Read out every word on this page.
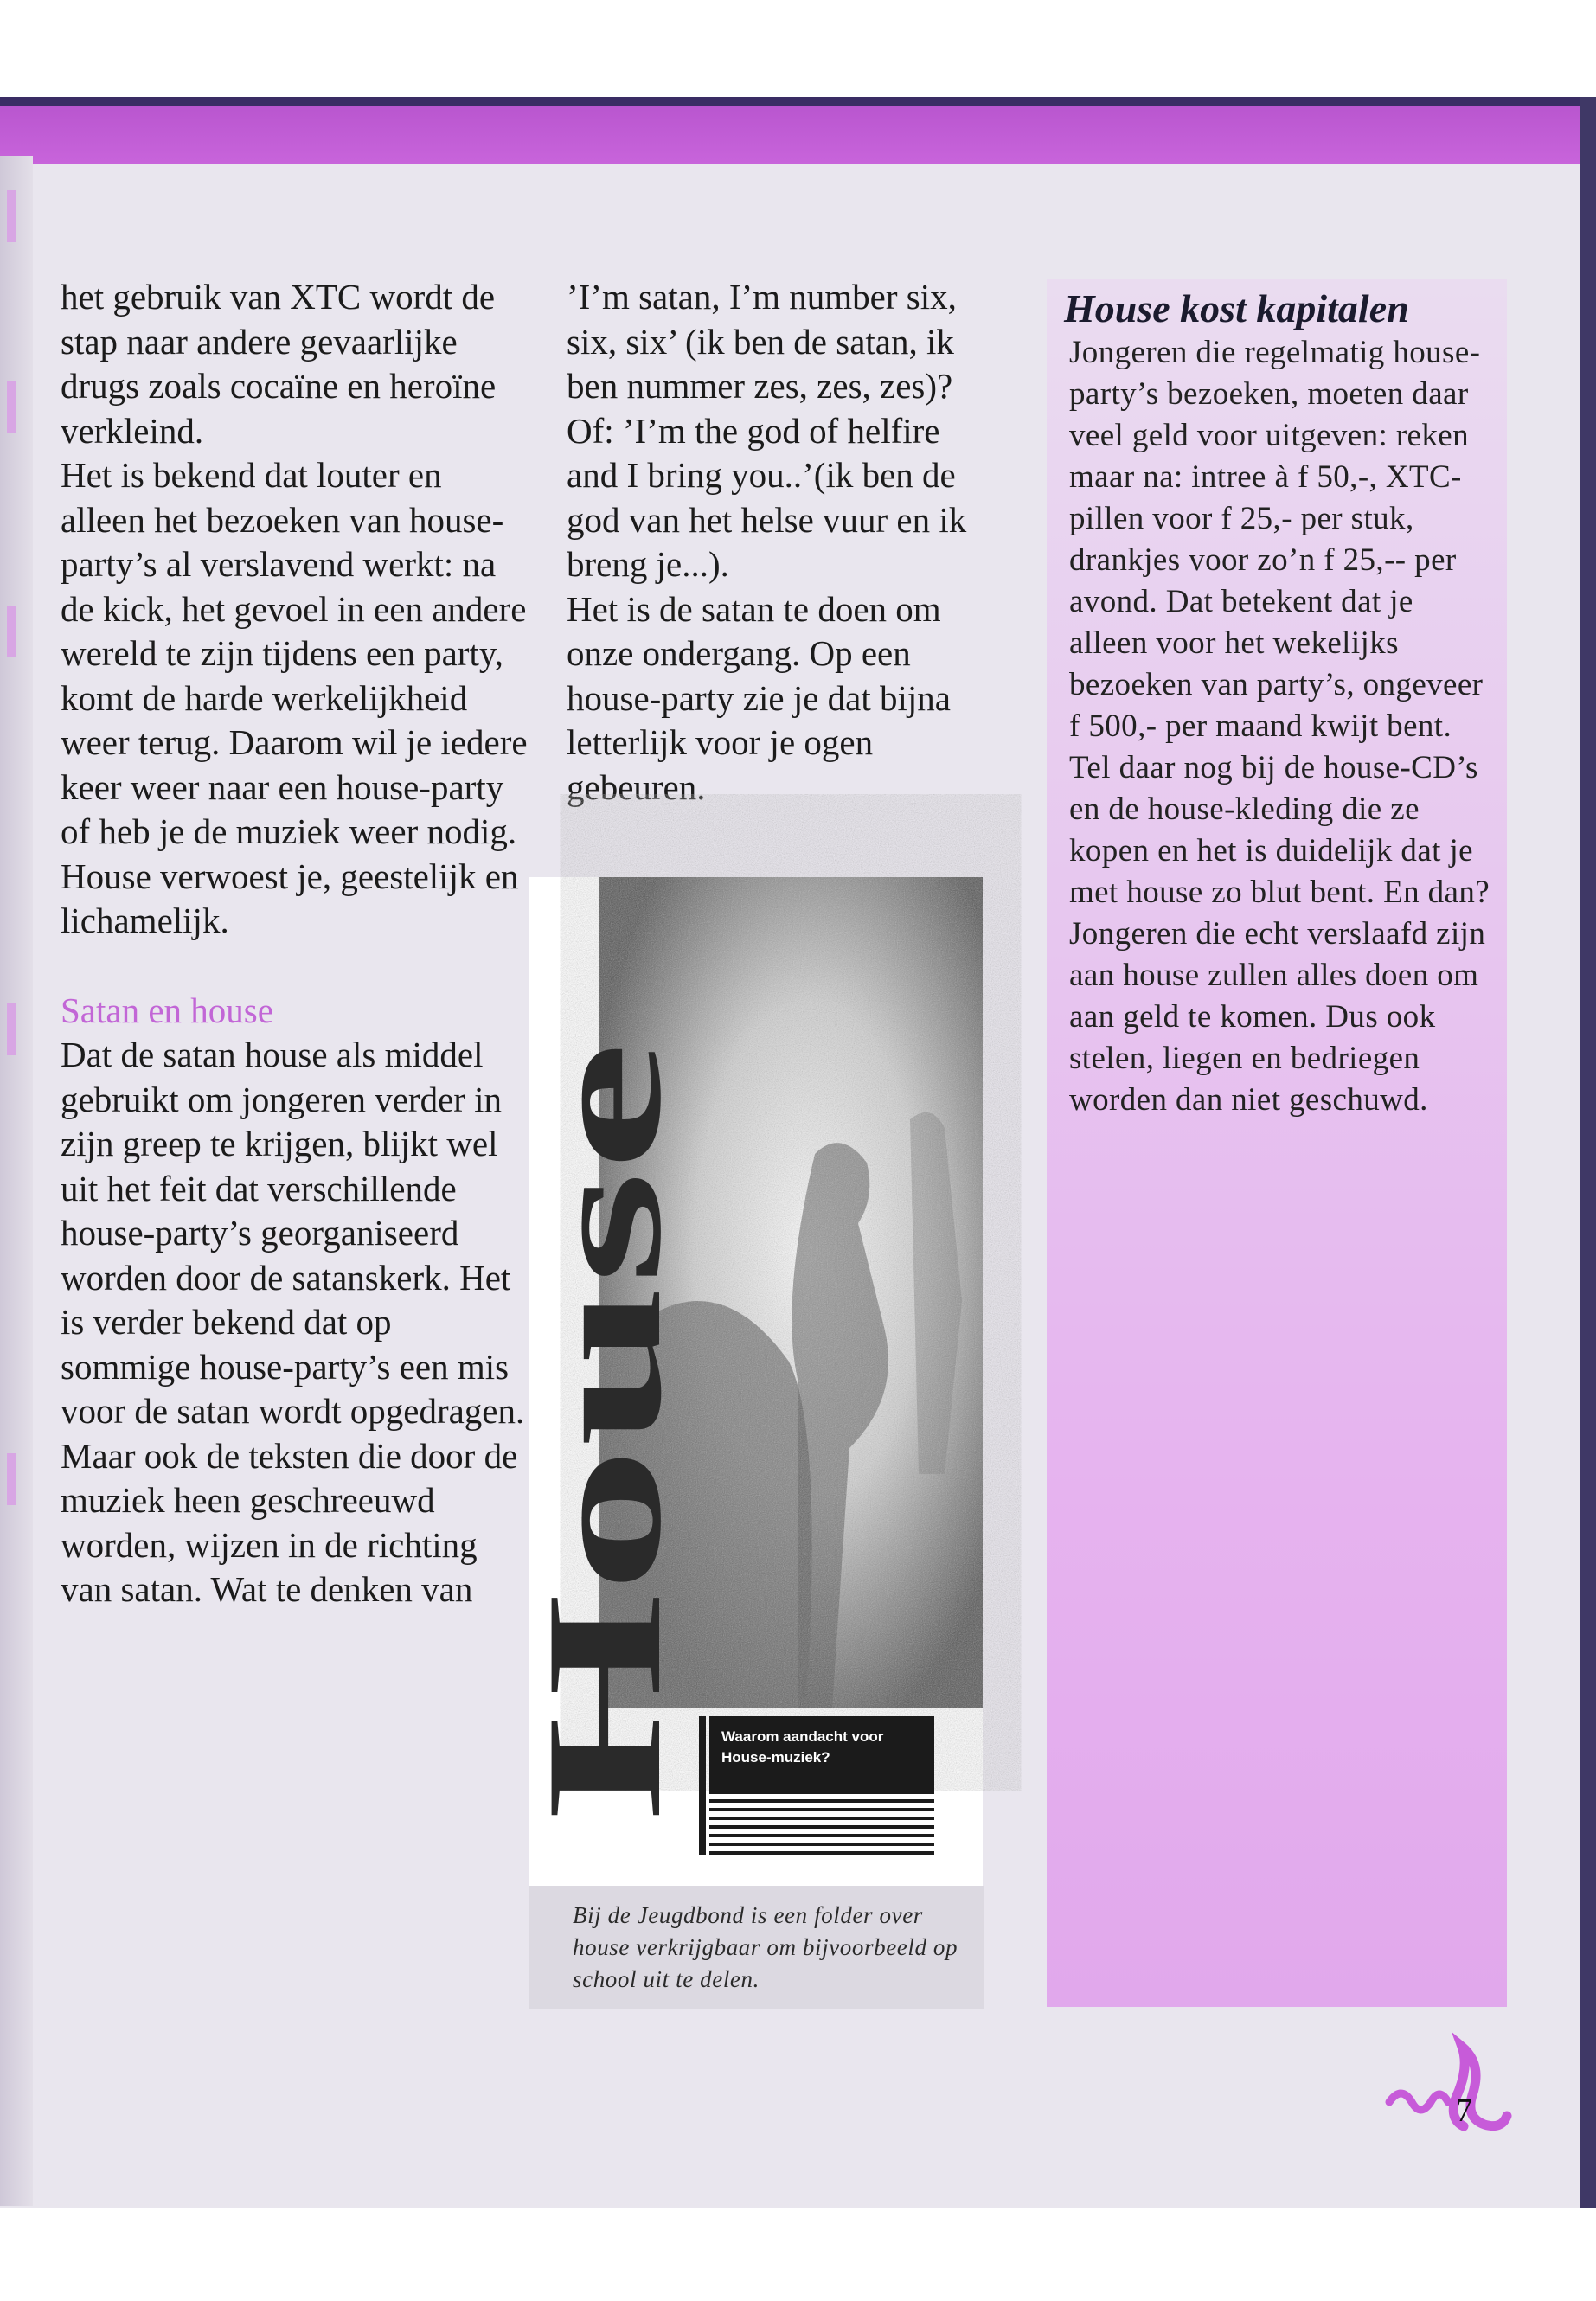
het gebruik van XTC wordt de stap naar andere gevaarlijke drugs zoals cocaïne en heroïne verkleind.

Het is bekend dat louter en alleen het bezoeken van house-party’s al verslavend werkt: na de kick, het gevoel in een andere wereld te zijn tijdens een party, komt de harde werkelijkheid weer terug. Daarom wil je iedere keer weer naar een house-party of heb je de muziek weer nodig.

House verwoest je, geestelijk en lichamelijk.

Satan en house

Dat de satan house als middel gebruikt om jongeren verder in zijn greep te krijgen, blijkt wel uit het feit dat verschillende house-party’s georganiseerd worden door de satanskerk. Het is verder bekend dat op sommige house-party’s een mis voor de satan wordt opgedragen. Maar ook de teksten die door de muziek heen geschreeuwd worden, wijzen in de richting van satan. Wat te denken van

’I’m satan, I’m number six, six, six’ (ik ben de satan, ik ben nummer zes, zes, zes)?

Of: ’I’m the god of helfire and I bring you..’(ik ben de god van het helse vuur en ik breng je...).

Het is de satan te doen om onze ondergang. Op een house-party zie je dat bijna letterlijk voor je ogen gebeuren.

House	Waarom aandacht voor House-muziek?
Bij de Jeugdbond is een folder over house verkrijgbaar om bijvoorbeeld op school uit te delen.
House kost kapitalen

Jongeren die regelmatig house-party’s bezoeken, moeten daar veel geld voor uitgeven: reken maar na: intree à f 50,-, XTC-pillen voor f 25,- per stuk, drankjes voor zo’n f 25,-- per avond. Dat betekent dat je alleen voor het wekelijks bezoeken van party’s, ongeveer f 500,- per maand kwijt bent. Tel daar nog bij de house-CD’s en de house-kleding die ze kopen en het is duidelijk dat je met house zo blut bent. En dan? Jongeren die echt verslaafd zijn aan house zullen alles doen om aan geld te komen. Dus ook stelen, liegen en bedriegen worden dan niet geschuwd.

7
